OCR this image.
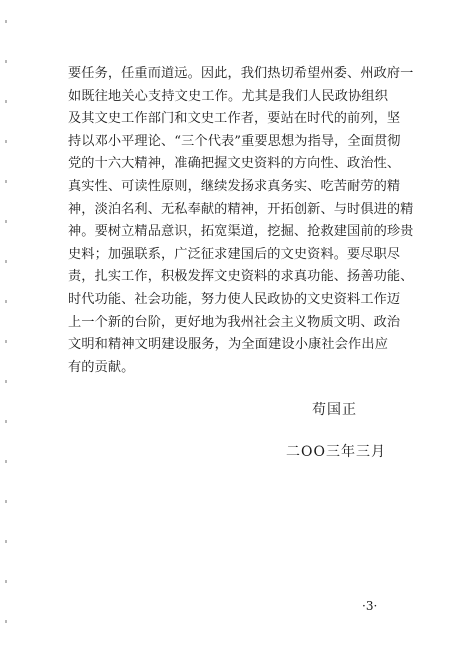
要任务，任重而道远。因此，我们热切希望州委、州政府一
如既往地关心支持文史工作。尤其是我们人民政协组织
及其文史工作部门和文史工作者，要站在时代的前列，坚
持以邓小平理论、“三个代表”重要思想为指导，全面贯彻
党的十六大精神，准确把握文史资料的方向性、政治性、
真实性、可读性原则，继续发扬求真务实、吃苦耐劳的精
神，淡泊名利、无私奉献的精神，开拓创新、与时俱进的精
神。要树立精品意识，拓宽渠道，挖掘、抢救建国前的珍贵
史料；加强联系，广泛征求建国后的文史资料。要尽职尽
责，扎实工作，积极发挥文史资料的求真功能、扬善功能、
时代功能、社会功能，努力使人民政协的文史资料工作迈
上一个新的台阶，更好地为我州社会主义物质文明、政治
文明和精神文明建设服务，为全面建设小康社会作出应
有的贡献。
苟国正
二OO三年三月
·3·
